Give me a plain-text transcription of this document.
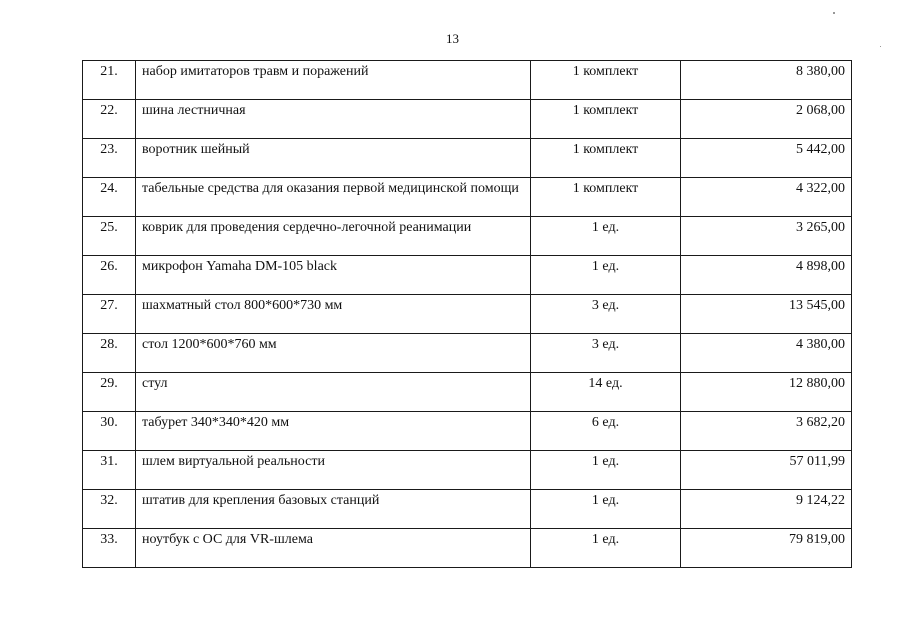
13
21.	набор имитаторов травм и поражений	1 комплект	8 380,00
22.	шина лестничная	1 комплект	2 068,00
23.	воротник шейный	1 комплект	5 442,00
24.	табельные средства для оказания первой медицинской помощи	1 комплект	4 322,00
25.	коврик для проведения сердечно-легочной реанимации	1 ед.	3 265,00
26.	микрофон Yamaha DM-105 black	1 ед.	4 898,00
27.	шахматный стол 800*600*730 мм	3 ед.	13 545,00
28.	стол 1200*600*760 мм	3 ед.	4 380,00
29.	стул	14 ед.	12 880,00
30.	табурет 340*340*420 мм	6 ед.	3 682,20
31.	шлем виртуальной реальности	1 ед.	57 011,99
32.	штатив для крепления базовых станций	1 ед.	9 124,22
33.	ноутбук с ОС для VR-шлема	1 ед.	79 819,00
